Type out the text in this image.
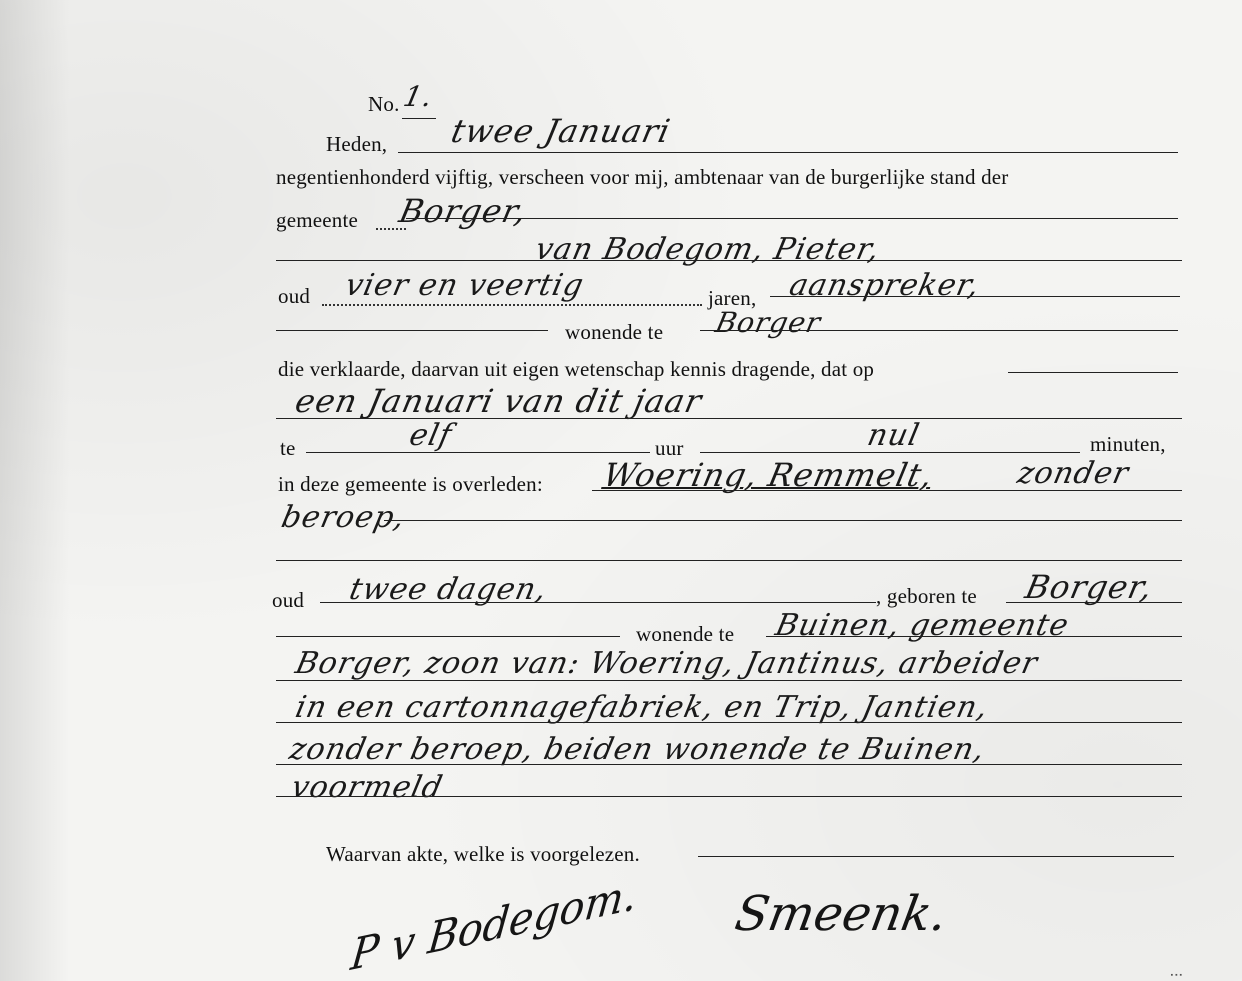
No. 1.
Heden, twee Januari
negentienhonderd vijftig, verscheen voor mij, ambtenaar van de burgerlijke stand der
gemeente Borger,
van Bodegom, Pieter,
oud vier en veertig	jaren, aanspreker,
wonende te Borger
die verklaarde, daarvan uit eigen wetenschap kennis dragende, dat op
een Januari van dit jaar
te	elf	uur	nul	minuten,
in deze gemeente is overleden: Woering, Remmelt,	zonder
beroep,
oud twee dagen,	, geboren te Borger,
wonende te Buinen, gemeente
Borger, zoon van: Woering, Jantinus, arbeider
in een cartonnagefabriek, en Trip, Jantien,
zonder beroep, beiden wonende te Buinen,
voormeld
Waarvan akte, welke is voorgelezen.
P v Bodegom. Smeenk.
▪ ▪ ▪
